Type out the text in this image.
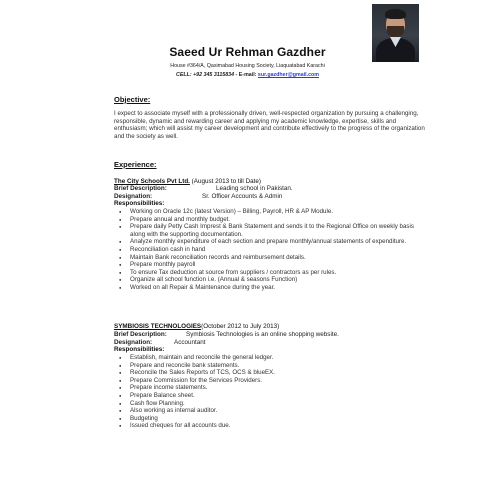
Saeed Ur Rehman Gazdher
House #364/A, Qasimabad Housing Society, Liaquatabad Karachi
CELL: +92 345 3115834 - E-mail: sur.gazdher@gmail.com
Objective:
I expect to associate myself with a professionally driven, well-respected organization by pursuing a challenging, responsible, dynamic and rewarding career and applying my academic knowledge, expertise, skills and enthusiasm; which will assist my career development and contribute effectively to the progress of the organization and the society as well.
Experience:
The City Schools Pvt Ltd. (August 2013 to till Date)
Brief Description:	Leading school in Pakistan.
Designation:	Sr. Officer Accounts & Admin
Responsibilities:
● Working on Oracle 12c (latest Version) – Billing, Payroll, HR & AP Module.
● Prepare annual and monthly budget.
● Prepare daily Petty Cash Imprest & Bank Statement and sends it to the Regional Office on weekly basis along with the supporting documentation.
● Analyze monthly expenditure of each section and prepare monthly/annual statements of expenditure.
● Reconciliation cash in hand
● Maintain Bank reconciliation records and reimbursement details.
● Prepare monthly payroll
● To ensure Tax deduction at source from suppliers / contractors as per rules.
● Organize all school function i.e. (Annual & seasons Function)
● Worked on all Repair & Maintenance during the year.
SYMBIOSIS TECHNOLOGIES(October 2012 to July 2013)
Brief Description:	Symbiosis Technologies is an online shopping website.
Designation:	Accountant
Responsibilities:
● Establish, maintain and reconcile the general ledger.
● Prepare and reconcile bank statements.
● Reconcile the Sales Reports of TCS, OCS & blueEX.
● Prepare Commission for the Services Providers.
● Prepare income statements.
● Prepare Balance sheet.
● Cash flow Planning.
● Also working as internal auditor.
● Budgeting
● Issued cheques for all accounts due.
